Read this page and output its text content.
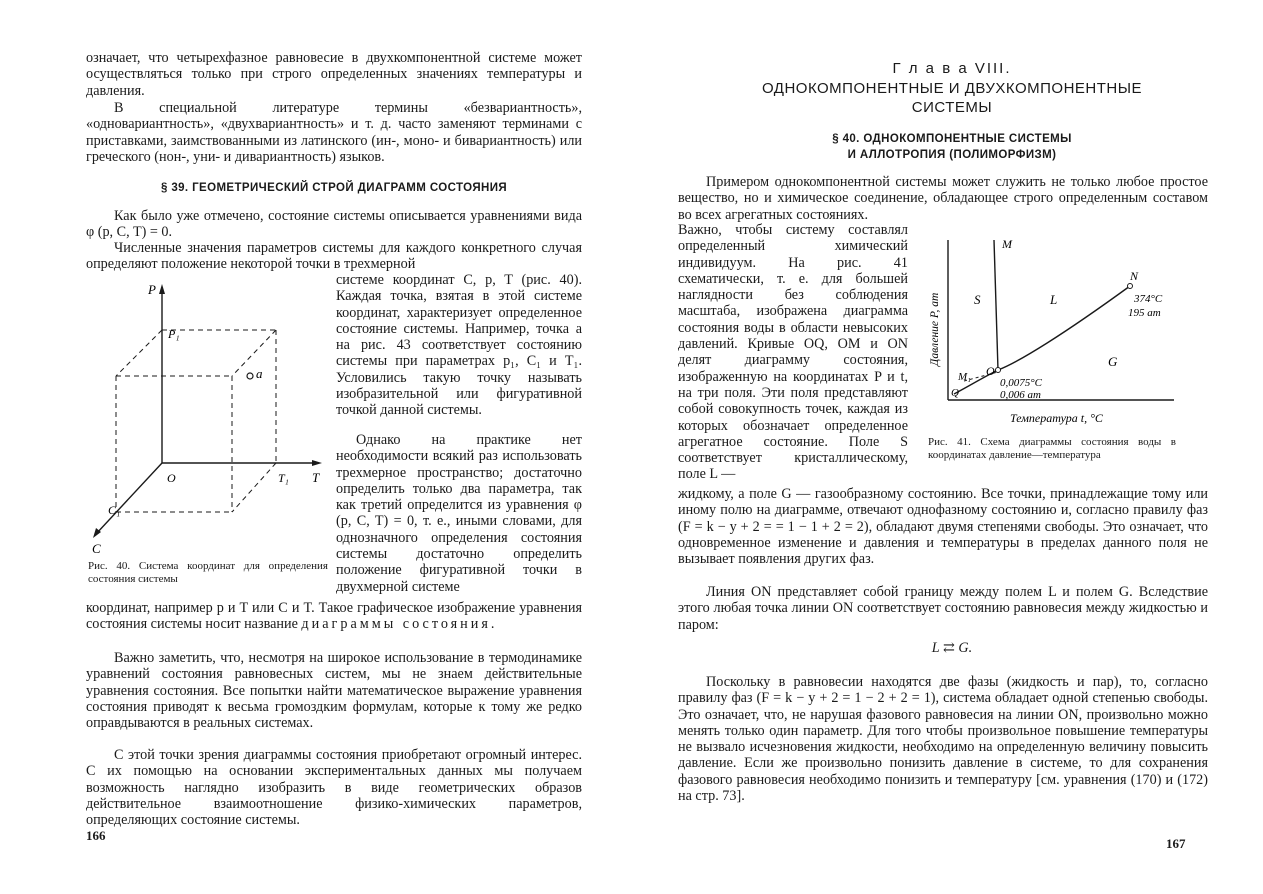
означает, что четырехфазное равновесие в двухкомпонентной системе может осуществляться только при строго определенных значениях температуры и давления.

В специальной литературе термины «безвариантность», «одновариантность», «двухвариантность» и т. д. часто заменяют терминами с приставками, заимствованными из латинского (ин-, моно- и бивариантность) или греческого (нон-, уни- и дивариантность) языков.

§ 39. ГЕОМЕТРИЧЕСКИЙ СТРОЙ ДИАГРАММ СОСТОЯНИЯ

Как было уже отмечено, состояние системы описывается уравнениями вида φ (p, C, T) = 0.

Численные значения параметров системы для каждого конкретного случая определяют положение некоторой точки в трехмерной

системе координат C, p, T (рис. 40). Каждая точка, взятая в этой системе координат, характеризует определенное состояние системы. Например, точка a на рис. 43 соответствует состоянию системы при параметрах p₁, C₁ и T₁. Условились такую точку называть изобразительной или фигуративной точкой данной системы.

Однако на практике нет необходимости всякий раз использовать трехмерное пространство; достаточно определить только два параметра, так как третий определится из уравнения φ (p, C, T) = 0, т. е., иными словами, для однозначного определения состояния системы достаточно определить положение фигуративной точки в двухмерной системе

координат, например p и T или C и T. Такое графическое изображение уравнения состояния системы носит название диаграммы состояния.

Важно заметить, что, несмотря на широкое использование в термодинамике уравнений состояния равновесных систем, мы не знаем действительные уравнения состояния. Все попытки найти математическое выражение уравнения состояния приводят к весьма громоздким формулам, которые к тому же редко оправдываются в реальных системах.

С этой точки зрения диаграммы состояния приобретают огромный интерес. С их помощью на основании экспериментальных данных мы получаем возможность наглядно изобразить в виде геометрических образов действительное взаимоотношение физико-химических параметров, определяющих состояние системы.

P
P₁
a
O	T₁ T
C₁
C

Рис. 40. Система координат для определения состояния системы

166

Г л а в а VIII.

ОДНОКОМПОНЕНТНЫЕ И ДВУХКОМПОНЕНТНЫЕ

СИСТЕМЫ

§ 40. ОДНОКОМПОНЕНТНЫЕ СИСТЕМЫ

И АЛЛОТРОПИЯ (ПОЛИМОРФИЗМ)

Примером однокомпонентной системы может служить не только любое простое вещество, но и химическое соединение, обладающее строго определенным составом во всех агрегатных состояниях.

Важно, чтобы систему составлял определенный химический индивидуум. На рис. 41 схематически, т. е. для большей наглядности без соблюдения масштаба, изображена диаграмма состояния воды в области невысоких давлений. Кривые OQ, OM и ON делят диаграмму состояния, изображенную на координатах P и t, на три поля. Эти поля представляют собой совокупность точек, каждая из которых обозначает определенное агрегатное состояние. Поле S соответствует кристаллическому, поле L —

жидкому, а поле G — газообразному состоянию. Все точки, принадлежащие тому или иному полю на диаграмме, отвечают однофазному состоянию и, согласно правилу фаз (F = k − y + 2 = = 1 − 1 + 2 = 2), обладают двумя степенями свободы. Это означает, что одновременное изменение и давления и температуры в пределах данного поля не вызывает появления других фаз.

Линия ON представляет собой границу между полем L и полем G. Вследствие этого любая точка линии ON соответствует состоянию равновесия между жидкостью и паром:

L ⇄ G.

Поскольку в равновесии находятся две фазы (жидкость и пар), то, согласно правилу фаз (F = k − y + 2 = 1 − 2 + 2 = 1), система обладает одной степенью свободы. Это означает, что, не нарушая фазового равновесия на линии ON, произвольно можно менять только один параметр. Для того чтобы произвольное повышение температуры не вызвало исчезновения жидкости, необходимо на определенную величину повысить давление. Если же произвольно понизить давление в системе, то для сохранения фазового равновесия необходимо понизить и температуру [см. уравнения (170) и (172) на стр. 73].

M
N
S	L
G
O
Q
M₁
374°C
195 am
0,0075°C
0,006 am
Температура t, °C
Давление P, am

Рис. 41. Схема диаграммы состояния воды в координатах давление—температура

167
